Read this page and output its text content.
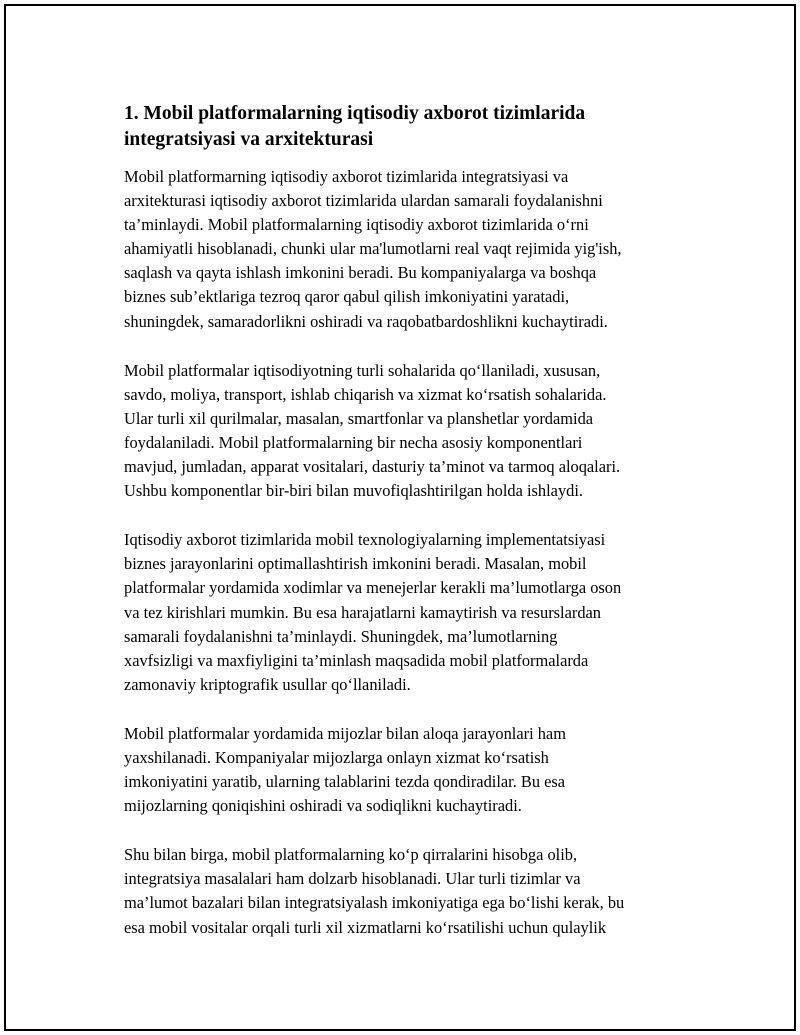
1. Mobil platformalarning iqtisodiy axborot tizimlarida
integratsiyasi va arxitekturasi

Mobil platformarning iqtisodiy axborot tizimlarida integratsiyasi va
arxitekturasi iqtisodiy axborot tizimlarida ulardan samarali foydalanishni
ta’minlaydi. Mobil platformalarning iqtisodiy axborot tizimlarida o‘rni
ahamiyatli hisoblanadi, chunki ular ma'lumotlarni real vaqt rejimida yig'ish,
saqlash va qayta ishlash imkonini beradi. Bu kompaniyalarga va boshqa
biznes sub’ektlariga tezroq qaror qabul qilish imkoniyatini yaratadi,
shuningdek, samaradorlikni oshiradi va raqobatbardoshlikni kuchaytiradi.

Mobil platformalar iqtisodiyotning turli sohalarida qo‘llaniladi, xususan,
savdo, moliya, transport, ishlab chiqarish va xizmat ko‘rsatish sohalarida.
Ular turli xil qurilmalar, masalan, smartfonlar va planshetlar yordamida
foydalaniladi. Mobil platformalarning bir necha asosiy komponentlari
mavjud, jumladan, apparat vositalari, dasturiy ta’minot va tarmoq aloqalari.
Ushbu komponentlar bir-biri bilan muvofiqlashtirilgan holda ishlaydi.

Iqtisodiy axborot tizimlarida mobil texnologiyalarning implementatsiyasi
biznes jarayonlarini optimallashtirish imkonini beradi. Masalan, mobil
platformalar yordamida xodimlar va menejerlar kerakli ma’lumotlarga oson
va tez kirishlari mumkin. Bu esa harajatlarni kamaytirish va resurslardan
samarali foydalanishni ta’minlaydi. Shuningdek, ma’lumotlarning
xavfsizligi va maxfiyligini ta’minlash maqsadida mobil platformalarda
zamonaviy kriptografik usullar qo‘llaniladi.

Mobil platformalar yordamida mijozlar bilan aloqa jarayonlari ham
yaxshilanadi. Kompaniyalar mijozlarga onlayn xizmat ko‘rsatish
imkoniyatini yaratib, ularning talablarini tezda qondiradilar. Bu esa
mijozlarning qoniqishini oshiradi va sodiqlikni kuchaytiradi.

Shu bilan birga, mobil platformalarning ko‘p qirralarini hisobga olib,
integratsiya masalalari ham dolzarb hisoblanadi. Ular turli tizimlar va
ma’lumot bazalari bilan integratsiyalash imkoniyatiga ega bo‘lishi kerak, bu
esa mobil vositalar orqali turli xil xizmatlarni ko‘rsatilishi uchun qulaylik
